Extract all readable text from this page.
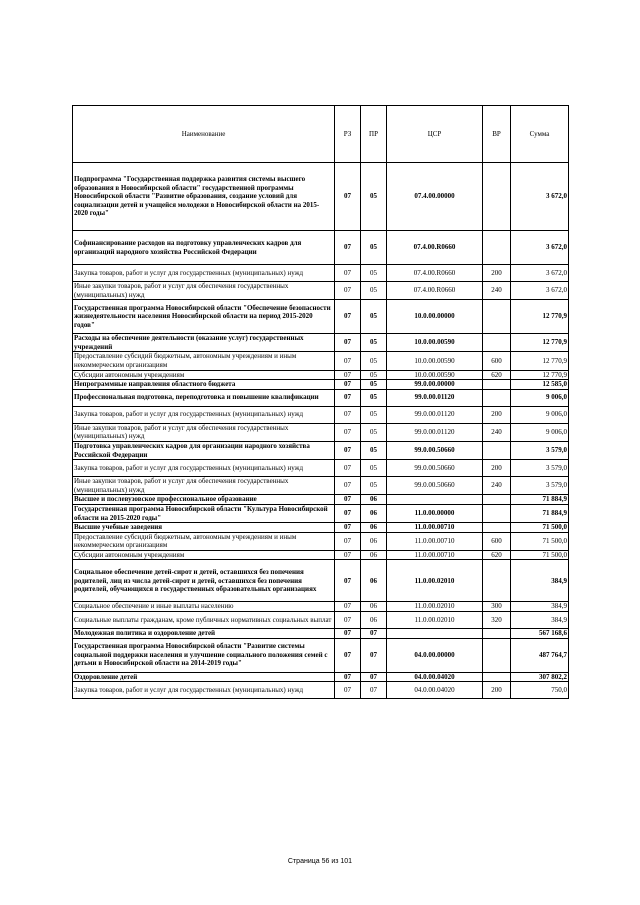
Наименование	РЗ	ПР	ЦСР	ВР	Сумма
Подпрограмма "Государственная поддержка развития системы высшего образования в Новосибирской области" государственной программы Новосибирской области "Развитие образования, создание условий для социализации детей и учащейся молодежи в Новосибирской области на 2015-2020 годы"	07	05	07.4.00.00000		3 672,0
Софинансирование расходов на подготовку управленческих кадров для организаций народного хозяйства Российской Федерации	07	05	07.4.00.R0660		3 672,0
Закупка товаров, работ и услуг для государственных (муниципальных) нужд	07	05	07.4.00.R0660	200	3 672,0
Иные закупки товаров, работ и услуг для обеспечения государственных (муниципальных) нужд	07	05	07.4.00.R0660	240	3 672,0
Государственная программа Новосибирской области "Обеспечение безопасности жизнедеятельности населения Новосибирской области на период 2015-2020 годов"	07	05	10.0.00.00000		12 770,9
Расходы на обеспечение деятельности (оказание услуг) государственных учреждений	07	05	10.0.00.00590		12 770,9
Предоставление субсидий бюджетным, автономным учреждениям и иным некоммерческим организациям	07	05	10.0.00.00590	600	12 770,9
Субсидии автономным учреждениям	07	05	10.0.00.00590	620	12 770,9
Непрограммные направления областного бюджета	07	05	99.0.00.00000		12 585,0
Профессиональная подготовка, переподготовка и повышение квалификации	07	05	99.0.00.01120		9 006,0
Закупка товаров, работ и услуг для государственных (муниципальных) нужд	07	05	99.0.00.01120	200	9 006,0
Иные закупки товаров, работ и услуг для обеспечения государственных (муниципальных) нужд	07	05	99.0.00.01120	240	9 006,0
Подготовка управленческих кадров для организации народного хозяйства Российской Федерации	07	05	99.0.00.50660		3 579,0
Закупка товаров, работ и услуг для государственных (муниципальных) нужд	07	05	99.0.00.50660	200	3 579,0
Иные закупки товаров, работ и услуг для обеспечения государственных (муниципальных) нужд	07	05	99.0.00.50660	240	3 579,0
Высшее и послевузовское профессиональное образование	07	06			71 884,9
Государственная программа Новосибирской области "Культура Новосибирской области на 2015-2020 годы"	07	06	11.0.00.00000		71 884,9
Высшие учебные заведения	07	06	11.0.00.00710		71 500,0
Предоставление субсидий бюджетным, автономным учреждениям и иным некоммерческим организациям	07	06	11.0.00.00710	600	71 500,0
Субсидии автономным учреждениям	07	06	11.0.00.00710	620	71 500,0
Социальное обеспечение детей-сирот и детей, оставшихся без попечения родителей, лиц из числа детей-сирот и детей, оставшихся без попечения родителей, обучающихся в государственных образовательных организациях	07	06	11.0.00.02010		384,9
Социальное обеспечение и иные выплаты населению	07	06	11.0.00.02010	300	384,9
Социальные выплаты гражданам, кроме публичных нормативных социальных выплат	07	06	11.0.00.02010	320	384,9
Молодежная политика и оздоровление детей	07	07			567 168,6
Государственная программа Новосибирской области "Развитие системы социальной поддержки населения и улучшение социального положения семей с детьми в Новосибирской области на 2014-2019 годы"	07	07	04.0.00.00000		487 764,7
Оздоровление детей	07	07	04.0.00.04020		307 802,2
Закупка товаров, работ и услуг для государственных (муниципальных) нужд	07	07	04.0.00.04020	200	750,0
Страница 56 из 101
